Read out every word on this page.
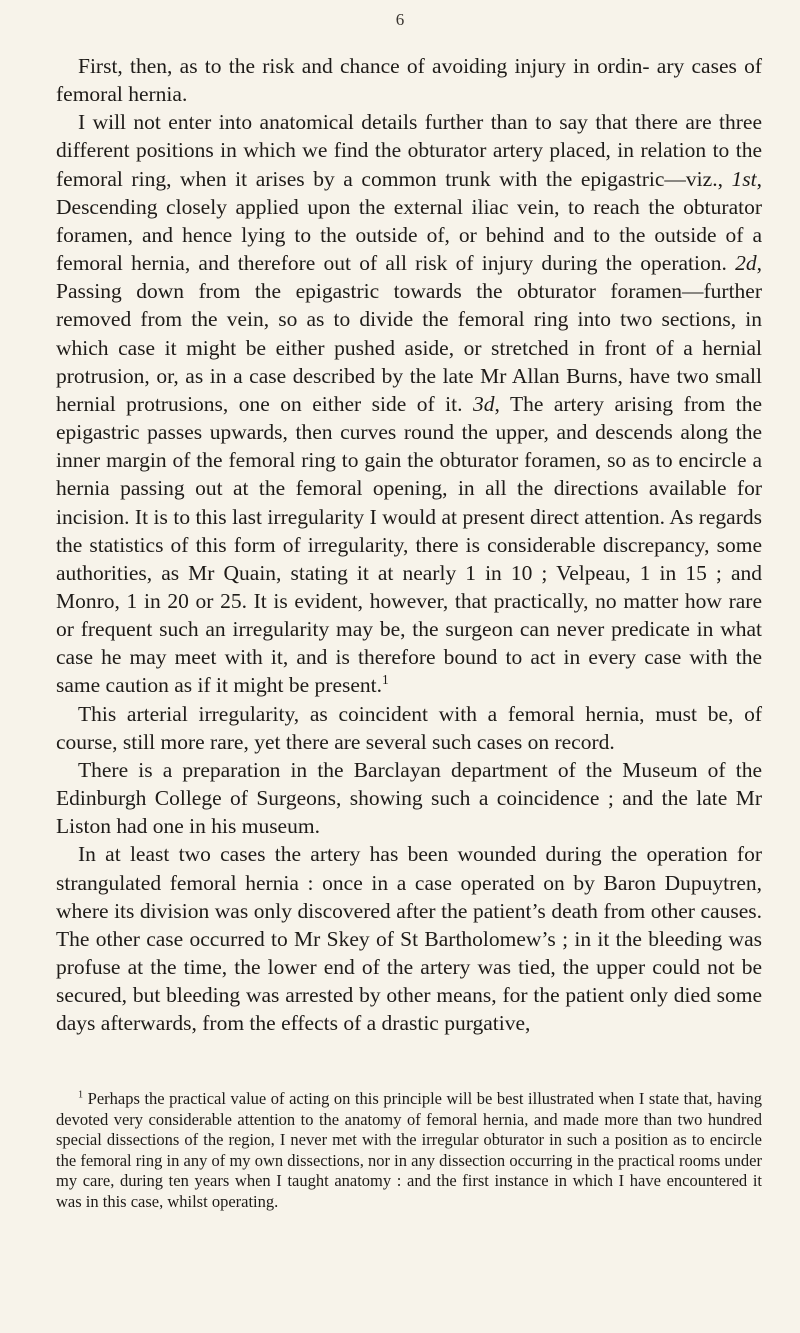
6

First, then, as to the risk and chance of avoiding injury in ordin- ary cases of femoral hernia.

I will not enter into anatomical details further than to say that there are three different positions in which we find the obturator artery placed, in relation to the femoral ring, when it arises by a common trunk with the epigastric—viz., 1st, Descending closely applied upon the external iliac vein, to reach the obturator foramen, and hence lying to the outside of, or behind and to the outside of a femoral hernia, and therefore out of all risk of injury during the operation. 2d, Passing down from the epigastric towards the obturator foramen—further removed from the vein, so as to divide the femoral ring into two sections, in which case it might be either pushed aside, or stretched in front of a hernial protrusion, or, as in a case described by the late Mr Allan Burns, have two small hernial protrusions, one on either side of it. 3d, The artery arising from the epigastric passes upwards, then curves round the upper, and descends along the inner margin of the femoral ring to gain the obturator foramen, so as to encircle a hernia passing out at the femoral opening, in all the directions available for incision. It is to this last irregularity I would at present direct attention. As regards the statistics of this form of irregularity, there is considerable discrepancy, some authorities, as Mr Quain, stating it at nearly 1 in 10 ; Velpeau, 1 in 15 ; and Monro, 1 in 20 or 25. It is evident, however, that practically, no matter how rare or frequent such an irregularity may be, the surgeon can never predicate in what case he may meet with it, and is therefore bound to act in every case with the same caution as if it might be present.$^1$

This arterial irregularity, as coincident with a femoral hernia, must be, of course, still more rare, yet there are several such cases on record.

There is a preparation in the Barclayan department of the Museum of the Edinburgh College of Surgeons, showing such a coincidence ; and the late Mr Liston had one in his museum.

In at least two cases the artery has been wounded during the operation for strangulated femoral hernia : once in a case operated on by Baron Dupuytren, where its division was only discovered after the patient’s death from other causes. The other case occurred to Mr Skey of St Bartholomew’s ; in it the bleeding was profuse at the time, the lower end of the artery was tied, the upper could not be secured, but bleeding was arrested by other means, for the patient only died some days afterwards, from the effects of a drastic purgative,

$^1$ Perhaps the practical value of acting on this principle will be best illustrated when I state that, having devoted very considerable attention to the anatomy of femoral hernia, and made more than two hundred special dissections of the region, I never met with the irregular obturator in such a position as to encircle the femoral ring in any of my own dissections, nor in any dissection occurring in the practical rooms under my care, during ten years when I taught anatomy : and the first instance in which I have encountered it was in this case, whilst operating.
